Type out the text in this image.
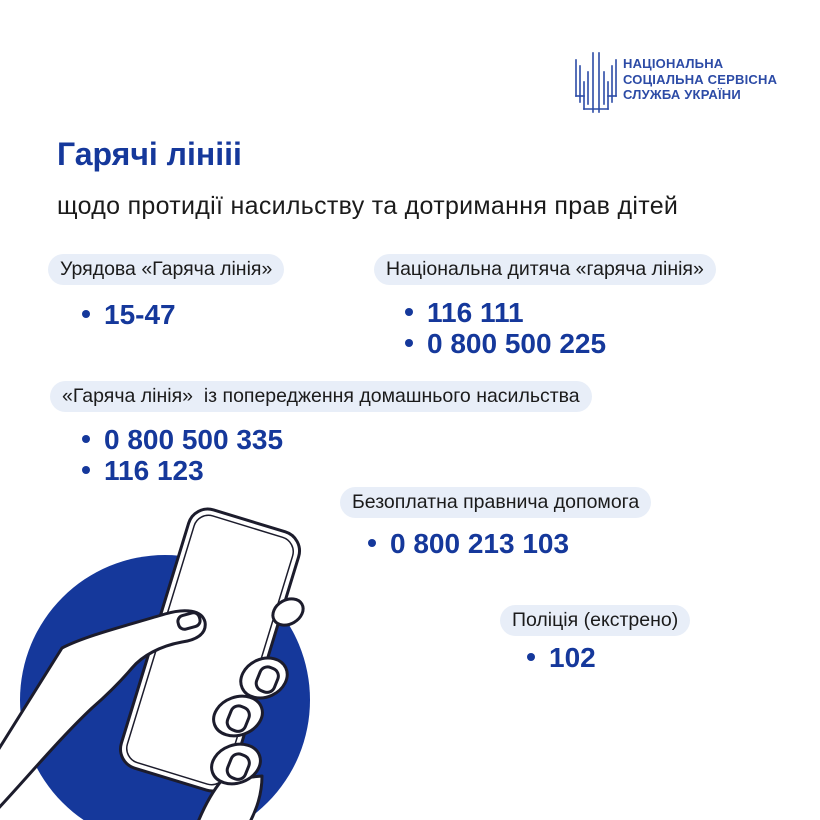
НАЦІОНАЛЬНА
СОЦІАЛЬНА СЕРВІСНА
СЛУЖБА УКРАЇНИ
Гарячі лінііі
щодо протидії насильству та дотримання прав дітей
Урядова «Гаряча лінія»
15-47
Національна дитяча «гаряча лінія»
116 111
0 800 500 225
«Гаряча лінія»  із попередження домашнього насильства
0 800 500 335
116 123
Безоплатна правнича допомога
0 800 213 103
Поліція (екстрено)
102
